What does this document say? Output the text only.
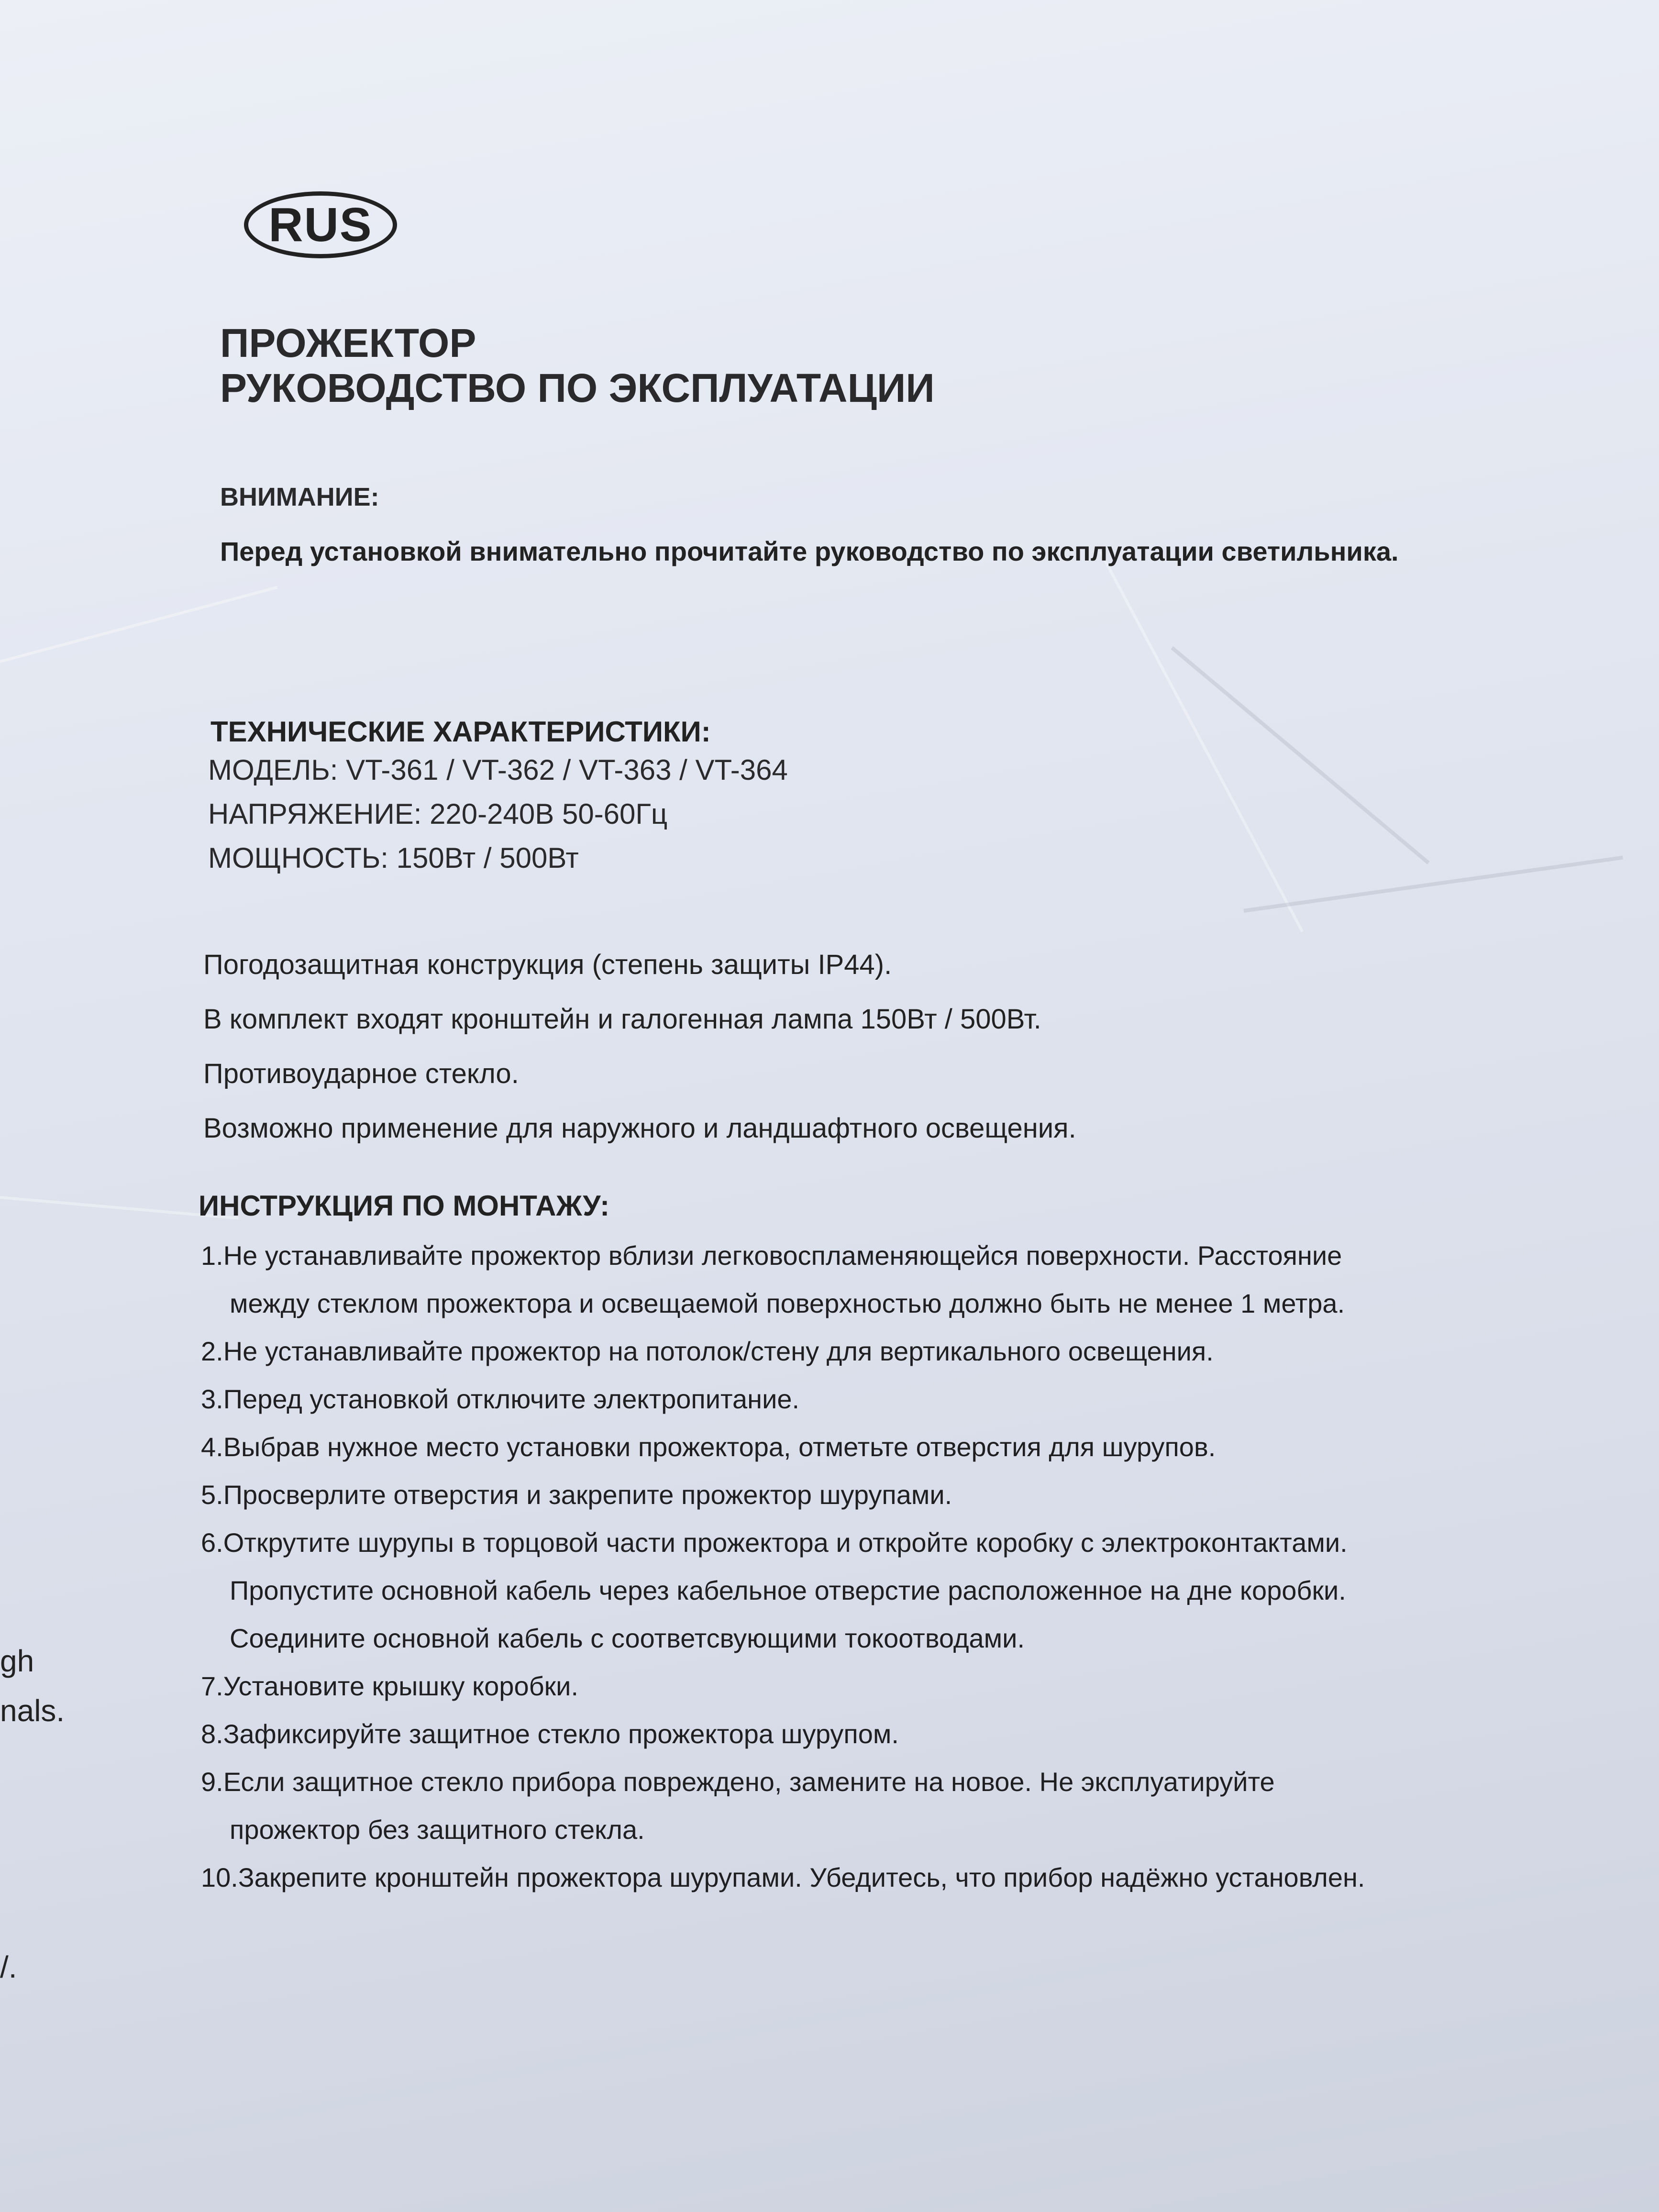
gh
nals.
/.
RUS
ПРОЖЕКТОР
РУКОВОДСТВО ПО ЭКСПЛУАТАЦИИ
ВНИМАНИЕ:
Перед установкой внимательно прочитайте руководство по эксплуатации светильника.
ТЕХНИЧЕСКИЕ ХАРАКТЕРИСТИКИ:
МОДЕЛЬ: VT-361 / VT-362 / VT-363 / VT-364
НАПРЯЖЕНИЕ: 220-240В 50-60Гц
МОЩНОСТЬ: 150Вт / 500Вт
Погодозащитная конструкция (степень защиты IP44).
В комплект входят кронштейн и галогенная лампа 150Вт / 500Вт.
Противоударное стекло.
Возможно применение для наружного и ландшафтного освещения.
ИНСТРУКЦИЯ ПО МОНТАЖУ:
1.Не устанавливайте прожектор вблизи легковоспламеняющейся поверхности. Расстояние
между стеклом прожектора и освещаемой поверхностью должно быть не менее 1 метра.
2.Не устанавливайте прожектор на потолок/стену для вертикального освещения.
3.Перед установкой отключите электропитание.
4.Выбрав нужное место установки прожектора, отметьте отверстия для шурупов.
5.Просверлите отверстия и закрепите прожектор шурупами.
6.Открутите шурупы в торцовой части прожектора и откройте коробку с электроконтактами.
Пропустите основной кабель через кабельное отверстие расположенное на дне коробки.
Соедините основной кабель с соответсвующими токоотводами.
7.Установите крышку коробки.
8.Зафиксируйте защитное стекло прожектора шурупом.
9.Если защитное стекло прибора повреждено, замените на новое. Не эксплуатируйте
прожектор без защитного стекла.
10.Закрепите кронштейн прожектора шурупами. Убедитесь, что прибор надёжно установлен.
